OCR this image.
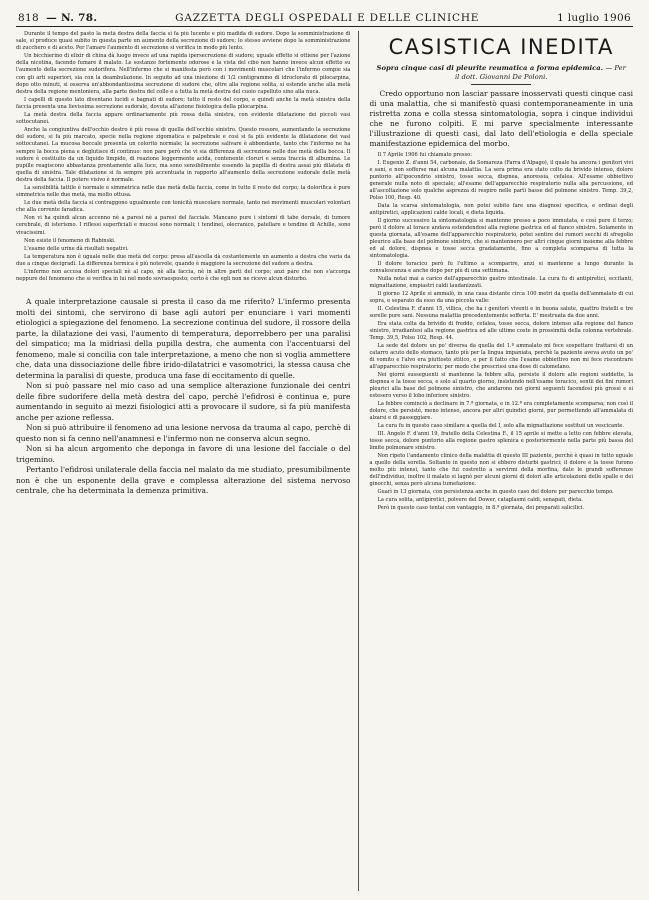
818 — N. 78.	GAZZETTA DEGLI OSPEDALI E DELLE CLINICHE	1 luglio 1906

Durante il tempo del pasto la metà destra della faccia si fa più lucente e più madida di sudore. Dopo la somministrazione di sale, si produce quasi subito in questa parte un aumento della secrezione di sudore; lo stesso avviene dopo la somministrazione di zucchero e di aceto. Per l'amaro l'aumento di secrezione si verifica in modo più lento.

Un bicchierino di elixir di china dà luogo invece ad una rapida ipersecrezione di sudore; uguale effetto si ottiene per l'azione della nicotina, facendo fumare il malato. Le sostanze fortemente odorose e la vista del cibo non hanno invece alcun effetto su l'aumento della secrezione sudorifera. Nell'infermo che si manifesta però con i movimenti muscolari che l'infermo compie sia con gli arti superiori, sia con la deambulazione. In seguito ad una iniezione di 1/2 centigrammo di idroclorato di pilocarpina, dopo otto minuti, si osserva un'abbondantissima secrezione di sudore che, oltre alla regione solita, si estende anche alla metà destra della regione mentoniera, alla parte destra del collo e a tutta la metà destra del cuoio capelluto sino alla nuca.

I capelli di questo lato diventano lucidi e bagnati di sudore; tutto il resto del corpo, e quindi anche la metà sinistra della faccia presenta una lievissima secrezione sudorale, dovuta all'azione fisiologica della pilocarpina.

La metà destra della faccia appare ordinariamente più rossa della sinistra, con evidente dilatazione dei piccoli vasi sottocutanei.

Anche la congiuntiva dell'occhio destro è più rossa di quella dell'occhio sinistro. Questo rossore, aumentando la secrezione del sudore, si fa più marcato, specie nella regione zigomatica e palpebrale e così si fa più evidente la dilatazione dei vasi sottocutanei. La mucosa boccale presenta un colorito normale; la secrezione salivare è abbondante, tanto che l'infermo ne ha sempre la bocca piena e deglutisce di continuo: non pare però che vi sia differenza di secrezione nelle due metà della bocca. Il sudore è costituito da un liquido limpido, di reazione leggermente acida, contenente cloruri e senza traccia di albumina. Le pupille reagiscono abbastanza prontamente alla luce, ma sono sensibilmente essendo la pupilla di destra assai più dilatata di quella di sinistra. Tale dilatazione si fa sempre più accentuata in rapporto all'aumento della secrezione sudorale delle metà destra della faccia. Il potere visivo è normale.

La sensibilità tattile è normale e simmetrica nelle due metà della faccia, come in tutto il resto del corpo; la dolorifica è pure simmetrica nelle due metà, ma molto ottusa.

Le due metà della faccia si contraggono ugualmente con tonicità muscolare normale, tanto nei movimenti muscolari volontari che alla corrente faradica.

Non vi ha quindi alcun accenno nè a paresi nè a paresi del facciale. Mancano pure i sintomi di tabe dorsale, di tumore cerebrale, di isterismo. I riflessi superficiali e mucosi sono normali; i tendinei, olecranico, patellare e tendine di Achille, sono vivacissimi.

Non esiste il fenomeno di Rabinski.

L'esame delle urine dà risultati negativi.

La temperatura non è uguale nelle due metà del corpo: presa all'ascella dà costantemente un aumento a destra che varia da due a cinque decigradi. La differenza termica è più notevole, quando è maggiore la secrezione del sudore a destra.

L'infermo non accusa dolori speciali nè al capo, nè alla faccia, nè in altre parti del corpo; anzi pare che non s'accorga neppure del fenomeno che si verifica in lui nel modo sovraesposto; certo è che egli non ne riceve alcun disturbo.

A quale interpretazione causale si presta il caso da me riferito? L'infermo presenta molti dei sintomi, che servirono di base agli autori per enunciare i vari momenti etiologici a spiegazione del fenomeno. La secrezione continua del sudore, il rossore della parte, la dilatazione dei vasi, l'aumento di temperatura, deporrebbero per una paralisi del simpatico; ma la midriasi della pupilla destra, che aumenta con l'accentuarsi del fenomeno, male si concilia con tale interpretazione, a meno che non si voglia ammettere che, data una dissociazione delle fibre irido-dilatatrici e vasomotrici, la stessa causa che determina la paralisi di queste, produca una fase di eccitamento di quelle.

Non si può passare nel mio caso ad una semplice alterazione funzionale dei centri delle fibre sudorifere della metà destra del capo, perchè l'efidrosi è continua e, pure aumentando in seguito ai mezzi fisiologici atti a provocare il sudore, si fa più manifesta anche per azione reflessa.

Non si può attribuire il fenomeno ad una lesione nervosa da trauma al capo, perchè di questo non si fa cenno nell'anamnesi e l'infermo non ne conserva alcun segno.

Non si ha alcun argomento che deponga in favore di una lesione del facciale o del trigemino.

Pertanto l'efidrosi unilaterale della faccia nel malato da me studiato, presumibilmente non è che un esponente della grave e complessa alterazione del sistema nervoso centrale, che ha determinata la demenza primitiva.

CASISTICA INEDITA
Sopra cinque casi di pleurite reumatica a forma epidemica. — Per il dott. Giovanni De Poloni.

Credo opportuno non lasciar passare inosservati questi cinque casi di una malattia, che si manifestò quasi contemporaneamente in una ristretta zona e colla stessa sintomatologia, sopra i cinque individui che ne furono colpiti. E mi parve specialmente interessante l'illustrazione di questi casi, dal lato dell'etiologia e della speciale manifestazione epidemica del morbo.

Il 7 Aprile 1906 fui chiamato presso:

I. Eugenio Z. d'anni 54, carbonaio, da Somareza (Farra d'Alpago), il quale ha ancora i genitori vivi e sani, e non sofferse mai alcuna malattia. La sera prima era stato colto da brivido intenso, dolore puntorio all'ipocondrio sinistro, tosse secca, dispnea, anoressia, cefalea. All'esame obbiettivo generale nulla noto di speciale; all'esame dell'apparecchio respiratorio nulla alla percussione, ed all'ascoltazione solo qualche asprezza di respiro nelle parti basse del polmone sinistro. Temp. 39,2, Polso 100, Resp. 40.

Data la scarsa sintomatologia, non potei subito fare una diagnosi specifica, e ordinai degli antipiretici, applicazioni calde locali, e dieta liquida.

Il giorno successivo la sintomatologia si mantenne presso a poco immutata, e così pure il terzo; però il dolore al torace andava estendendosi alla regione gastrica ed al fianco sinistro. Solamente in questa giornata, all'esame dell'apparecchio respiratorio, potei sentire dei rumori secchi di sfregolio pleurico alla base del polmone sinistro, che si mantennero per altri cinque giorni insieme alla febbre ed al dolore, dispnea e tosse secca gradatamente, fino a completa scomparsa di tutta la sintomatologia.

Il dolore toracico però fu l'ultimo a scomparire, anzi si mantenne a lungo durante la convalescenza e anche dopo per più di una settimana.

Nulla notai mai a carico dell'apparecchio gastro intestinale. La cura fu di antipiretici, eccitanti, mignattazione, empiastri caldi laudanizzati.

Il giorno 12 Aprile si ammalò, in una casa distante circa 100 metri da quella dell'ammalato di cui sopra, e separato da esso da una piccola valle:

II. Celestina F. d'anni 15, villica, che ha i genitori viventi e in buona salute, quattro fratelli e tre sorelle pure sani. Nessuna malattia precedentemente sofferta. E' mestruata da due anni.

Era stata colta da brivido di freddo, cefalea, tosse secca, dolore intenso alla regione del fianco sinistro, irradiantesi alla regione gastrica ed alle ultime coste in prossimità della colonna vertebrale. Temp. 39,5, Polso 102, Resp. 44.

La sede del dolore un po' diversa da quella del 1.º ammalato mi fece sospettare trattarsi di un catarro acuto dello stomaco, tanto più per la lingua impaniata, perchè la paziente aveva avuto un po' di vomito e l'alvo era piuttosto stitico, e per il fatto che l'esame obbiettivo non mi fece riscontrare all'apparecchio respiratorio; per modo che prescrissi una dose di calomelano.

Nei giorni susseguenti si mantenne la febbre alta, persiste il dolore alle regioni suddette, la dispnea e la tosse secca, e solo al quarto giorno, insistendo nell'esame toracico, sentii dei fini rumori pleurici alla base del polmone sinistro, che andarono nei giorni seguenti facendosi più grossi e si estesero verso il lobo inferiore sinistro.

La febbre cominciò a declinare in 7.ª giornata, e in 12.ª era completamente scomparsa; non così il dolore, che persisté, meno intenso, ancora per altri quindici giorni, pur permettendo all'ammalata di alzarsi e di passeggiare.

La cura fu in questo caso similare a quella del I, solo alla mignattazione sostituii un vescicante.

III. Angelo F. d'anni 19, fratello della Celestina F., il 15 aprile si mette a letto con febbre elevata, tosse secca, dolore puntorio alla regione gastro splenica e posteriormente nella parte più bassa del limite polmonare sinistro.

Non ripeto l'andamento clinico della malattia di questo III paziente, perchè è quasi in tutto uguale a quello della sorella. Soltanto in questo non si ebbero disturbi gastrici; il dolore e la tosse furono molto più intensi, tanto che fui costretto a servirmi della morfina, date le grandi sofferenze dell'individuo, inoltre il malato si lagnò per alcuni giorni di dolori alle articolazioni delle spalle e dei ginocchi, senza però alcuna tumefazione.

Guarì in 13 giornata, con persistenza anche in questo caso del dolore per parecchio tempo.

La cura solita, antipiretici, polvere del Dower, cataplasmi caldi, senapati, dieta.

Però in questo caso tentai con vantaggio, in 8.ª giornata, dei preparati salicilici.
